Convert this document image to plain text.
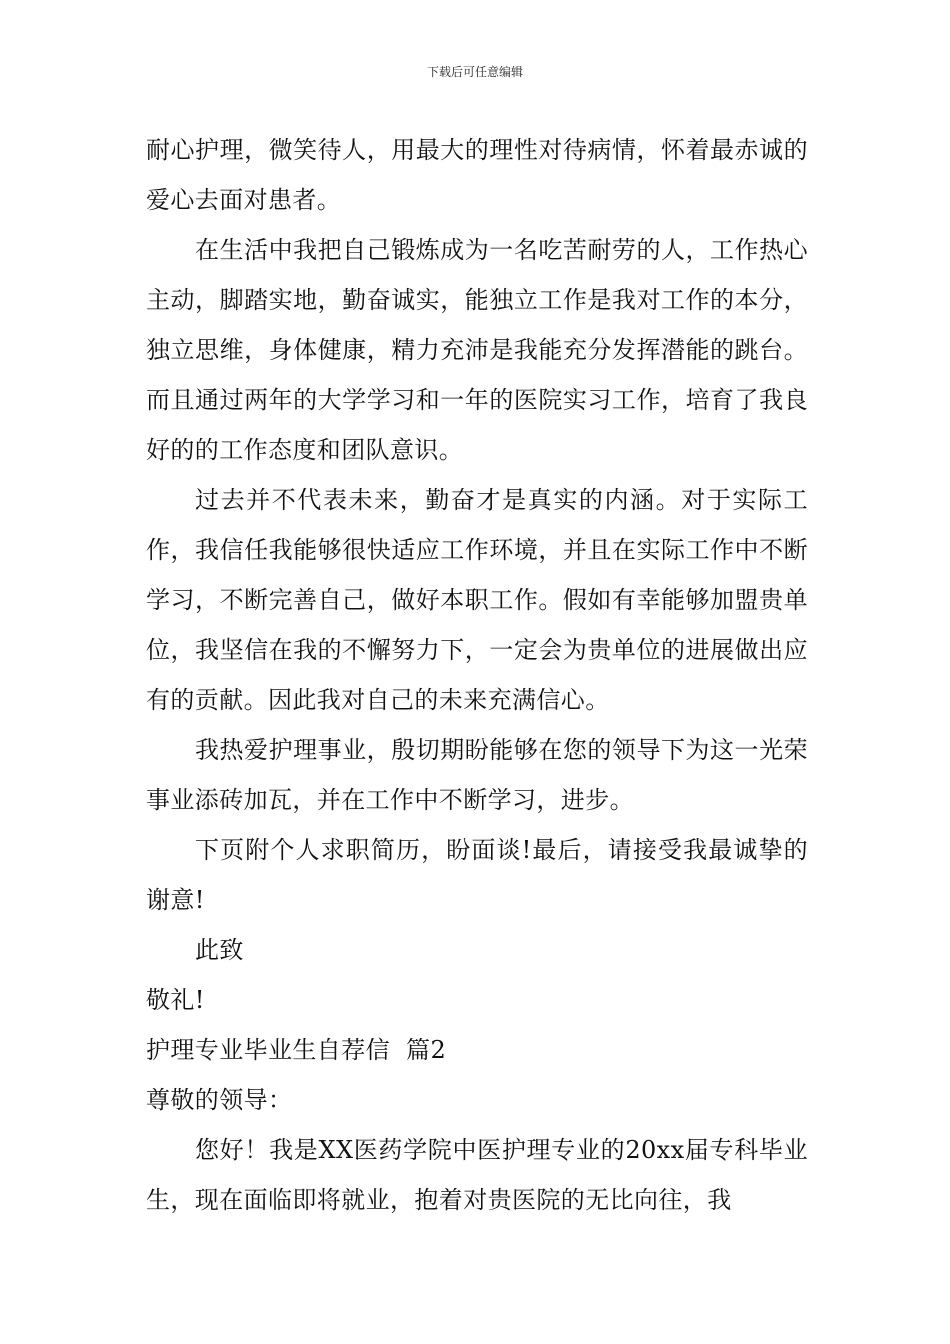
下载后可任意编辑

耐心护理，微笑待人，用最大的理性对待病情，怀着最赤诚的爱心去面对患者。

在生活中我把自己锻炼成为一名吃苦耐劳的人，工作热心主动，脚踏实地，勤奋诚实，能独立工作是我对工作的本分，独立思维，身体健康，精力充沛是我能充分发挥潜能的跳台。而且通过两年的大学学习和一年的医院实习工作，培育了我良好的的工作态度和团队意识。

过去并不代表未来，勤奋才是真实的内涵。对于实际工作，我信任我能够很快适应工作环境，并且在实际工作中不断学习，不断完善自己，做好本职工作。假如有幸能够加盟贵单位，我坚信在我的不懈努力下，一定会为贵单位的进展做出应有的贡献。因此我对自己的未来充满信心。

我热爱护理事业，殷切期盼能够在您的领导下为这一光荣事业添砖加瓦，并在工作中不断学习，进步。

下页附个人求职简历，盼面谈!最后，请接受我最诚挚的谢意!

此致

敬礼!

护理专业毕业生自荐信  篇2

尊敬的领导：

您好！我是XX医药学院中医护理专业的20xx届专科毕业生，现在面临即将就业，抱着对贵医院的无比向往，我
